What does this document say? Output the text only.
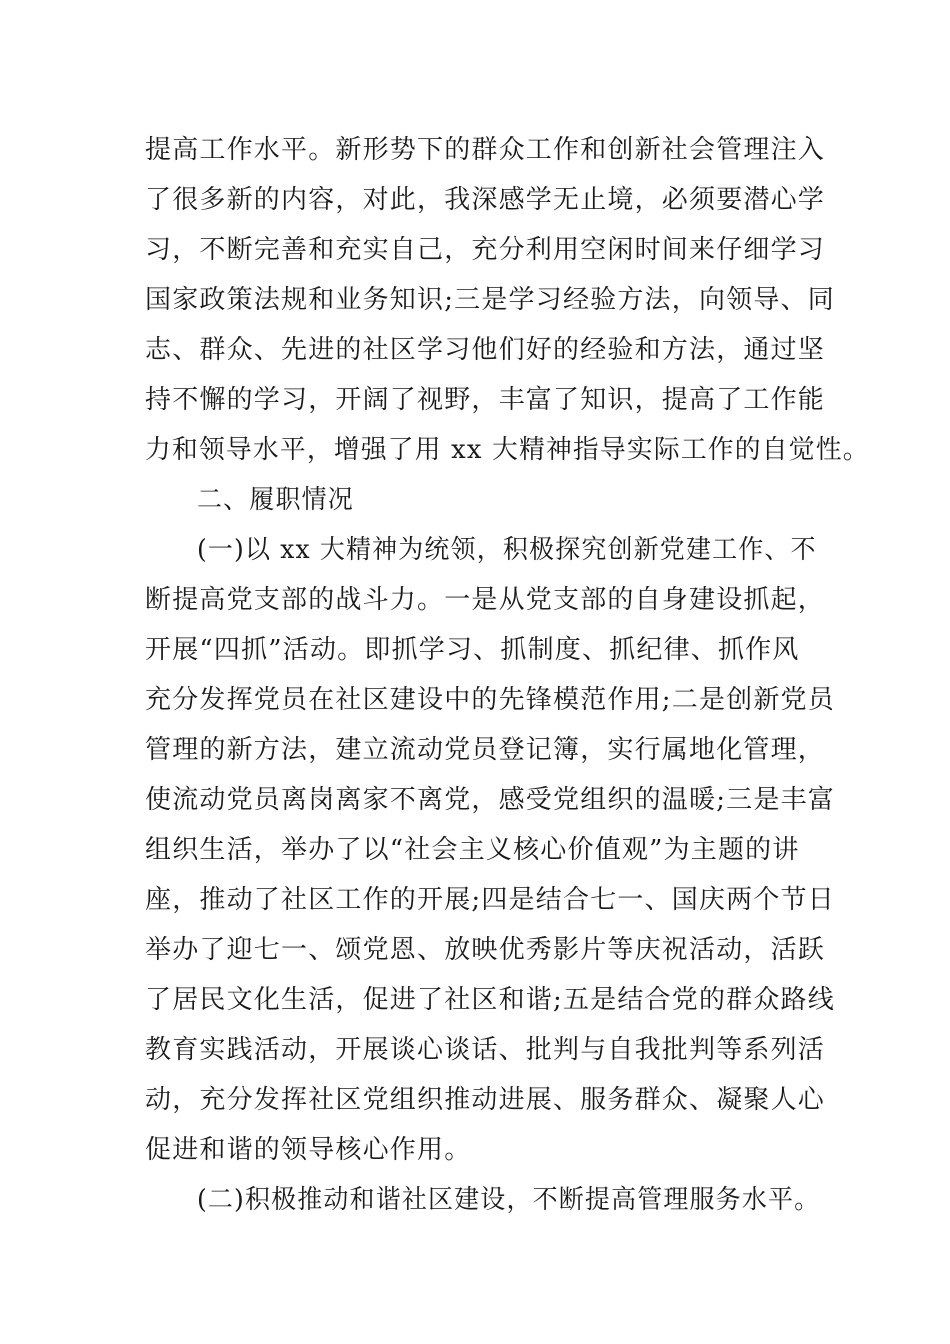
提高工作水平。新形势下的群众工作和创新社会管理注入
了很多新的内容，对此，我深感学无止境，必须要潜心学
习，不断完善和充实自己，充分利用空闲时间来仔细学习
国家政策法规和业务知识;三是学习经验方法，向领导、同
志、群众、先进的社区学习他们好的经验和方法，通过坚
持不懈的学习，开阔了视野，丰富了知识，提高了工作能
力和领导水平，增强了用 xx 大精神指导实际工作的自觉性。
二、履职情况
(一)以 xx 大精神为统领，积极探究创新党建工作、不
断提高党支部的战斗力。一是从党支部的自身建设抓起，
开展“四抓”活动。即抓学习、抓制度、抓纪律、抓作风
充分发挥党员在社区建设中的先锋模范作用;二是创新党员
管理的新方法，建立流动党员登记簿，实行属地化管理，
使流动党员离岗离家不离党，感受党组织的温暖;三是丰富
组织生活，举办了以“社会主义核心价值观”为主题的讲
座，推动了社区工作的开展;四是结合七一、国庆两个节日
举办了迎七一、颂党恩、放映优秀影片等庆祝活动，活跃
了居民文化生活，促进了社区和谐;五是结合党的群众路线
教育实践活动，开展谈心谈话、批判与自我批判等系列活
动，充分发挥社区党组织推动进展、服务群众、凝聚人心
促进和谐的领导核心作用。
(二)积极推动和谐社区建设，不断提高管理服务水平。
